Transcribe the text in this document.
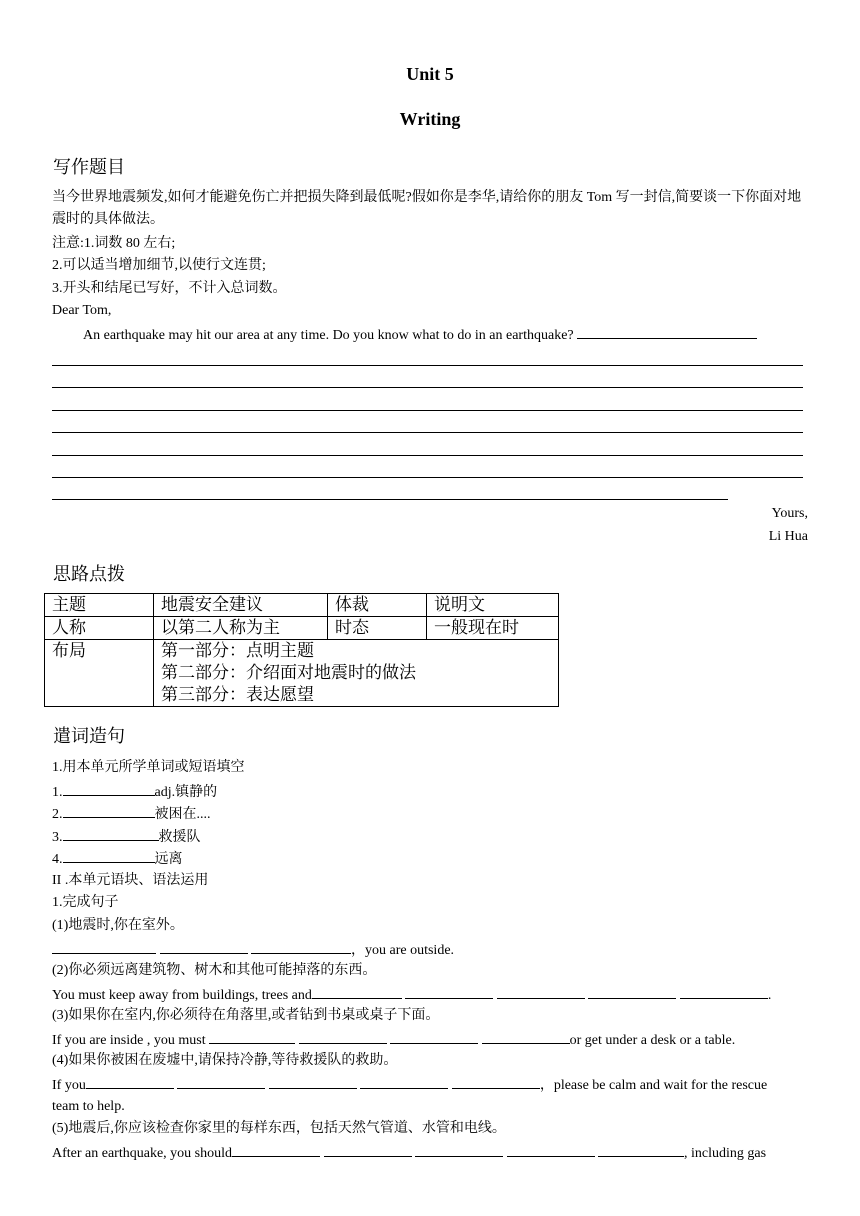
Unit 5
Writing
写作题目
当今世界地震频发,如何才能避免伤亡并把损失降到最低呢?假如你是李华,请给你的朋友 Tom 写一封信,简要谈一下你面对地震时的具体做法。
注意:1.词数 80 左右;
2.可以适当增加细节,以使行文连贯;
3.开头和结尾已写好，不计入总词数。
Dear Tom,
An earthquake may hit our area at any time. Do you know what to do in an earthquake?
Yours,
Li Hua
思路点拨
主题	地震安全建议	体裁	说明文
人称	以第二人称为主	时态	一般现在时
布局	第一部分：点明主题
第二部分：介绍面对地震时的做法
第三部分：表达愿望		
遣词造句
1.用本单元所学单词或短语填空
1.	adj.镇静的
2.	被困在....
3.	救援队
4.	远离
II .本单元语块、语法运用
1.完成句子
(1)地震时,你在室外。
，you are outside.
(2)你必须远离建筑物、树木和其他可能掉落的东西。
You must keep away from buildings, trees and	.
(3)如果你在室内,你必须待在角落里,或者钻到书桌或桌子下面。
If you are inside , you must	or get under a desk or a table.
(4)如果你被困在废墟中,请保持冷静,等待救援队的救助。
If you	，please be calm and wait for the rescue
team to help.
(5)地震后,你应该检查你家里的每样东西，包括天然气管道、水管和电线。
After an earthquake, you should	, including gas
